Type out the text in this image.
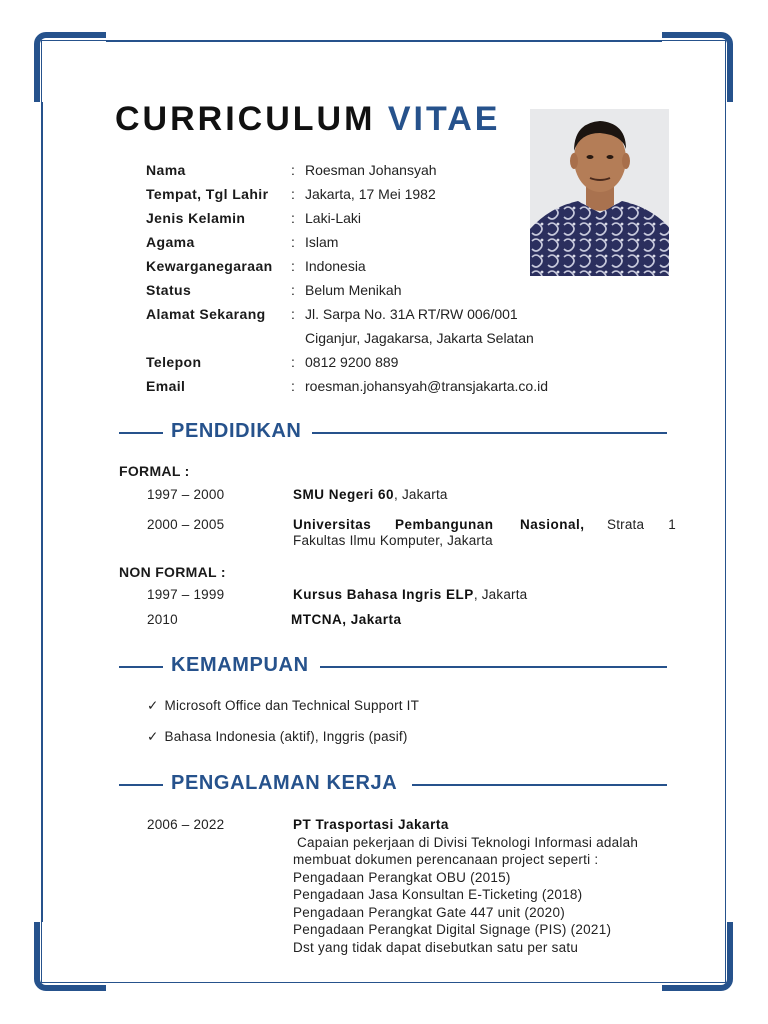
CURRICULUM VITAE
Nama	: Roesman Johansyah
Tempat, Tgl Lahir : Jakarta, 17 Mei 1982
Jenis Kelamin	: Laki-Laki
Agama	: Islam
Kewarganegaraan : Indonesia
Status	: Belum Menikah
Alamat Sekarang : Jl. Sarpa No. 31A RT/RW 006/001
Ciganjur, Jagakarsa, Jakarta Selatan
Telepon	: 0812 9200 889
Email	: roesman.johansyah@transjakarta.co.id
PENDIDIKAN
FORMAL :
1997 – 2000	SMU Negeri 60, Jakarta
2000 – 2005	Universitas Pembangunan Nasional, Strata 1
Fakultas Ilmu Komputer, Jakarta
NON FORMAL :
1997 – 1999	Kursus Bahasa Ingris ELP, Jakarta
2010	MTCNA, Jakarta
KEMAMPUAN
✓ Microsoft Office dan Technical Support IT
✓ Bahasa Indonesia (aktif), Inggris (pasif)
PENGALAMAN KERJA
2006 – 2022	PT Trasportasi Jakarta
Capaian pekerjaan di Divisi Teknologi Informasi adalah
membuat dokumen perencanaan project seperti :
Pengadaan Perangkat OBU (2015)
Pengadaan Jasa Konsultan E-Ticketing (2018)
Pengadaan Perangkat Gate 447 unit (2020)
Pengadaan Perangkat Digital Signage (PIS) (2021)
Dst yang tidak dapat disebutkan satu per satu
